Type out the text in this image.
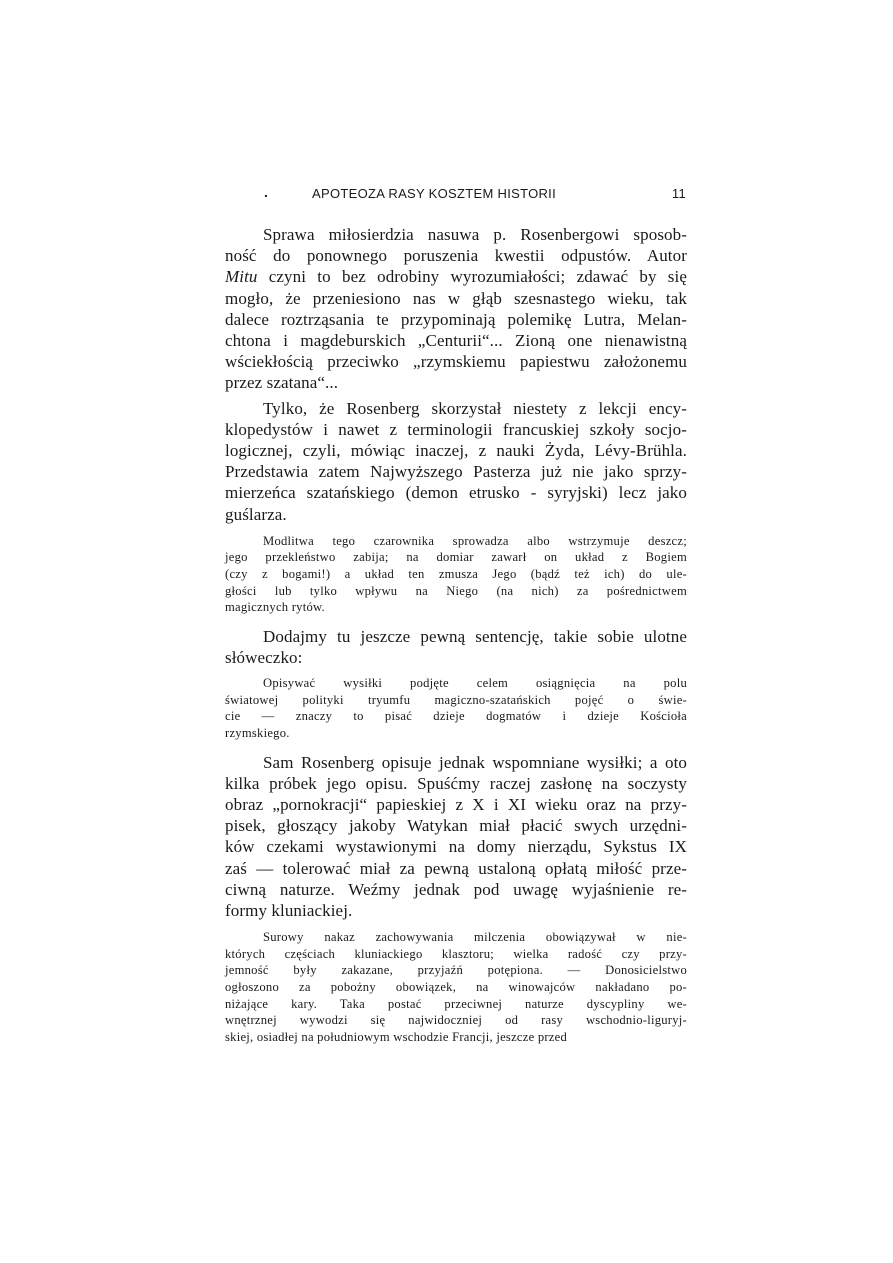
.	APOTEOZA RASY KOSZTEM HISTORII	11

Sprawa miłosierdzia nasuwa p. Rosenbergowi sposob-
ność do ponownego poruszenia kwestii odpustów. Autor
Mitu czyni to bez odrobiny wyrozumiałości; zdawać by się
mogło, że przeniesiono nas w głąb szesnastego wieku, tak
dalece roztrząsania te przypominają polemikę Lutra, Melan-
chtona i magdeburskich „Centurii“... Zioną one nienawistną
wściekłością przeciwko „rzymskiemu papiestwu założonemu
przez szatana“...

Tylko, że Rosenberg skorzystał niestety z lekcji ency-
klopedystów i nawet z terminologii francuskiej szkoły socjo-
logicznej, czyli, mówiąc inaczej, z nauki Żyda, Lévy-Brühla.
Przedstawia zatem Najwyższego Pasterza już nie jako sprzy-
mierzeńca szatańskiego (demon etrusko - syryjski) lecz jako
guślarza.

Modlitwa tego czarownika sprowadza albo wstrzymuje deszcz;
jego przekleństwo zabija; na domiar zawarł on układ z Bogiem
(czy z bogami!) a układ ten zmusza Jego (bądź też ich) do ule-
głości lub tylko wpływu na Niego (na nich) za pośrednictwem
magicznych rytów.

Dodajmy tu jeszcze pewną sentencję, takie sobie ulotne
słóweczko:

Opisywać wysiłki podjęte celem osiągnięcia na polu
światowej polityki tryumfu magiczno-szatańskich pojęć o świe-
cie — znaczy to pisać dzieje dogmatów i dzieje Kościoła
rzymskiego.

Sam Rosenberg opisuje jednak wspomniane wysiłki; a oto
kilka próbek jego opisu. Spuśćmy raczej zasłonę na soczysty
obraz „pornokracji“ papieskiej z X i XI wieku oraz na przy-
pisek, głoszący jakoby Watykan miał płacić swych urzędni-
ków czekami wystawionymi na domy nierządu, Sykstus IX
zaś — tolerować miał za pewną ustaloną opłatą miłość prze-
ciwną naturze. Weźmy jednak pod uwagę wyjaśnienie re-
formy kluniackiej.

Surowy nakaz zachowywania milczenia obowiązywał w nie-
których częściach kluniackiego klasztoru; wielka radość czy przy-
jemność były zakazane, przyjaźń potępiona. — Donosicielstwo
ogłoszono za pobożny obowiązek, na winowajców nakładano po-
niżające kary. Taka postać przeciwnej naturze dyscypliny we-
wnętrznej wywodzi się najwidoczniej od rasy wschodnio-liguryj-
skiej, osiadłej na południowym wschodzie Francji, jeszcze przed
